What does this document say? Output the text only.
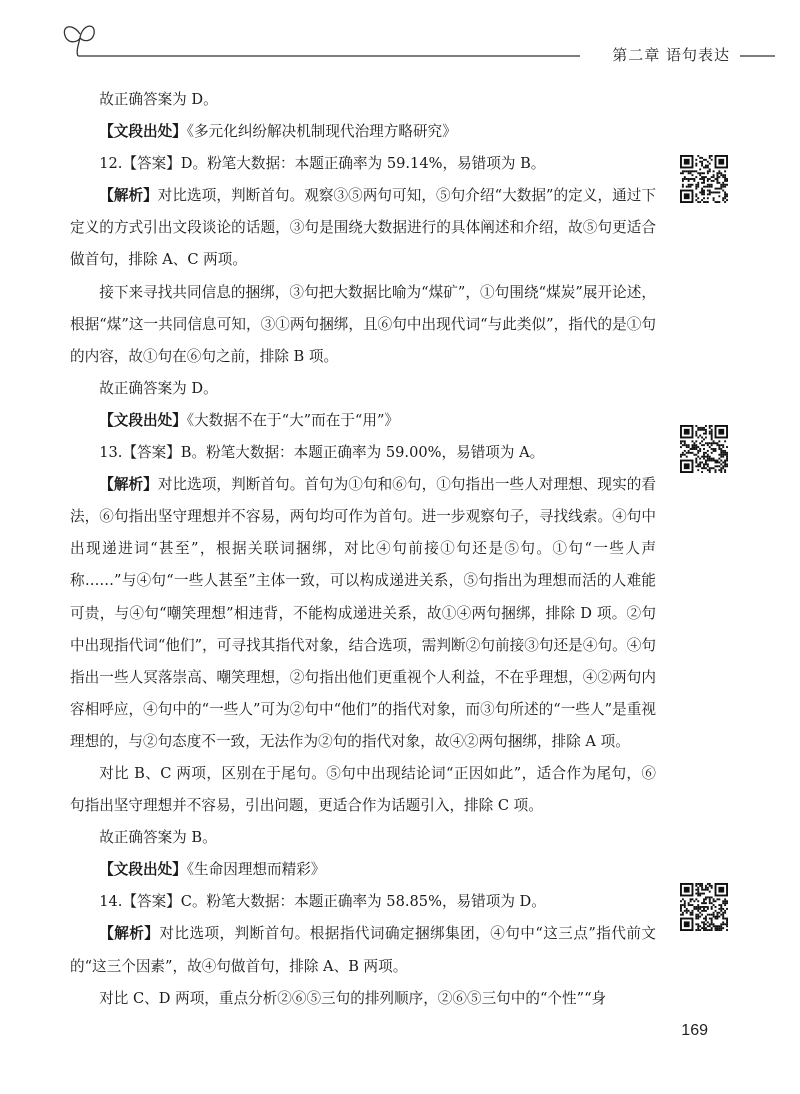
第二章 语句表达

故正确答案为 D。

【文段出处】《多元化纠纷解决机制现代治理方略研究》

12.【答案】D。粉笔大数据：本题正确率为 59.14%，易错项为 B。

【解析】对比选项，判断首句。观察③⑤两句可知，⑤句介绍“大数据”的定义，通过下定义的方式引出文段谈论的话题，③句是围绕大数据进行的具体阐述和介绍，故⑤句更适合做首句，排除 A、C 两项。

接下来寻找共同信息的捆绑，③句把大数据比喻为“煤矿”，①句围绕“煤炭”展开论述，根据“煤”这一共同信息可知，③①两句捆绑，且⑥句中出现代词“与此类似”，指代的是①句的内容，故①句在⑥句之前，排除 B 项。

故正确答案为 D。

【文段出处】《大数据不在于“大”而在于“用”》

13.【答案】B。粉笔大数据：本题正确率为 59.00%，易错项为 A。

【解析】对比选项，判断首句。首句为①句和⑥句，①句指出一些人对理想、现实的看法，⑥句指出坚守理想并不容易，两句均可作为首句。进一步观察句子，寻找线索。④句中出现递进词“甚至”，根据关联词捆绑，对比④句前接①句还是⑤句。①句“一些人声称……”与④句“一些人甚至”主体一致，可以构成递进关系，⑤句指出为理想而活的人难能可贵，与④句“嘲笑理想”相违背，不能构成递进关系，故①④两句捆绑，排除 D 项。②句中出现指代词“他们”，可寻找其指代对象，结合选项，需判断②句前接③句还是④句。④句指出一些人冥落崇高、嘲笑理想，②句指出他们更重视个人利益，不在乎理想，④②两句内容相呼应，④句中的“一些人”可为②句中“他们”的指代对象，而③句所述的“一些人”是重视理想的，与②句态度不一致，无法作为②句的指代对象，故④②两句捆绑，排除 A 项。

对比 B、C 两项，区别在于尾句。⑤句中出现结论词“正因如此”，适合作为尾句，⑥句指出坚守理想并不容易，引出问题，更适合作为话题引入，排除 C 项。

故正确答案为 B。

【文段出处】《生命因理想而精彩》

14.【答案】C。粉笔大数据：本题正确率为 58.85%，易错项为 D。

【解析】对比选项，判断首句。根据指代词确定捆绑集团，④句中“这三点”指代前文的“这三个因素”，故④句做首句，排除 A、B 两项。

对比 C、D 两项，重点分析②⑥⑤三句的排列顺序，②⑥⑤三句中的“个性”“身

169
